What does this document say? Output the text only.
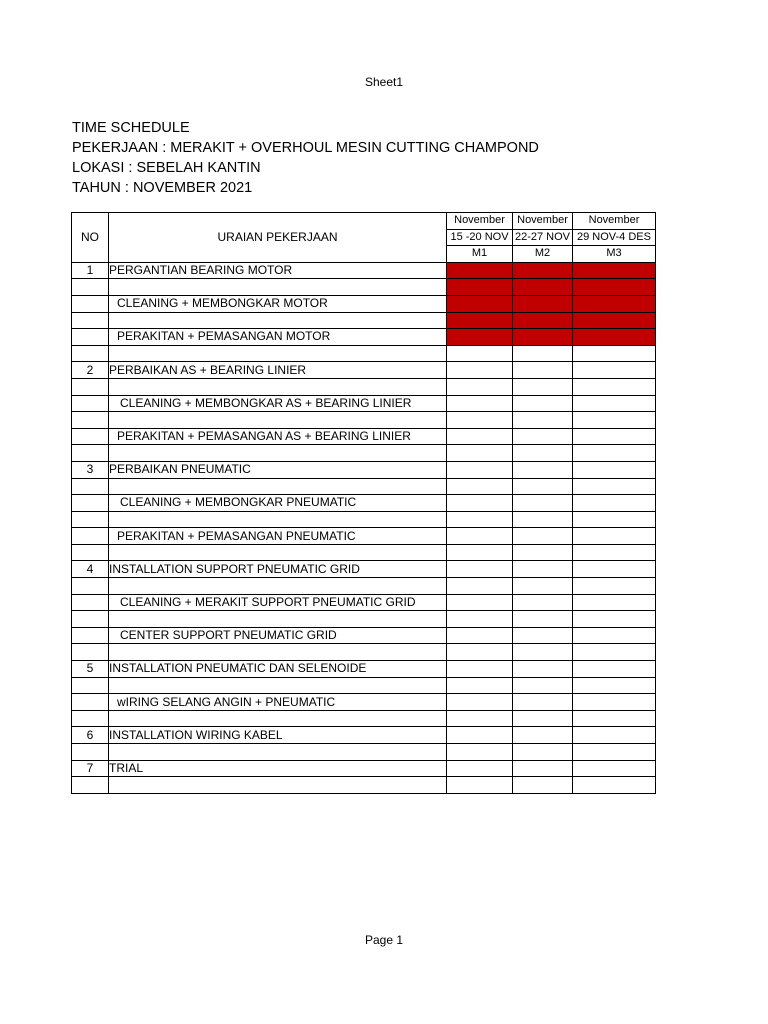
Sheet1
TIME SCHEDULE
PEKERJAAN : MERAKIT + OVERHOUL MESIN CUTTING CHAMPOND
LOKASI : SEBELAH KANTIN
TAHUN : NOVEMBER 2021
NO	URAIAN PEKERJAAN	November	November	November
		15 -20 NOV	22-27 NOV	29 NOV-4 DES
		M1	M2	M3
1	PERGANTIAN BEARING MOTOR			

	CLEANING + MEMBONGKAR MOTOR			

	PERAKITAN + PEMASANGAN MOTOR			

2	PERBAIKAN AS + BEARING LINIER			

	CLEANING + MEMBONGKAR AS + BEARING LINIER			

	PERAKITAN + PEMASANGAN AS + BEARING LINIER			

3	PERBAIKAN PNEUMATIC			

	CLEANING + MEMBONGKAR PNEUMATIC			

	PERAKITAN + PEMASANGAN PNEUMATIC			

4	INSTALLATION SUPPORT PNEUMATIC GRID			

	CLEANING + MERAKIT SUPPORT PNEUMATIC GRID			

	CENTER SUPPORT PNEUMATIC GRID			

5	INSTALLATION PNEUMATIC DAN SELENOIDE			

	wIRING SELANG ANGIN + PNEUMATIC			

6	INSTALLATION WIRING KABEL			

7	TRIAL			

Page 1
